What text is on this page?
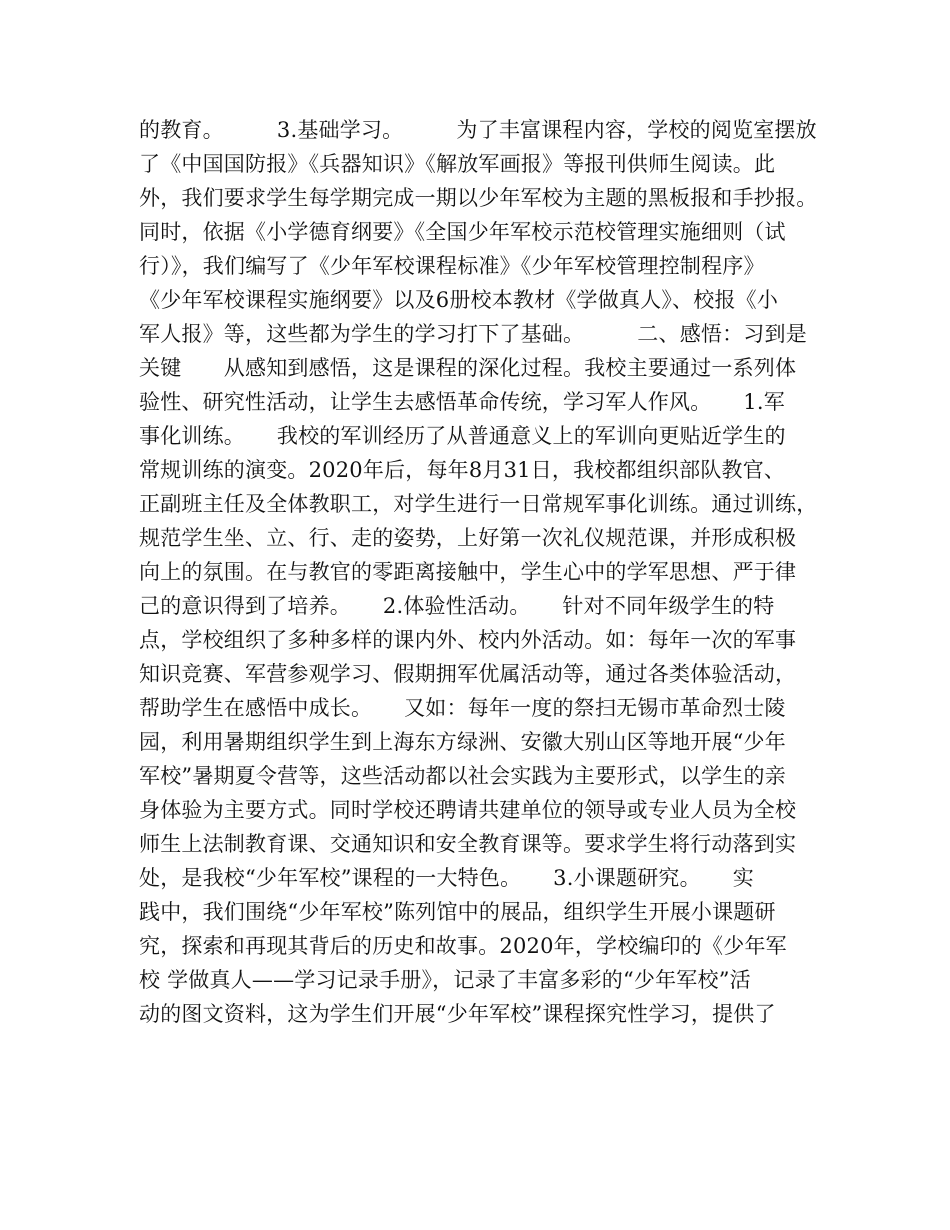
的教育。　　　3.基础学习。　　　为了丰富课程内容，学校的阅览室摆放
了《中国国防报》《兵器知识》《解放军画报》等报刊供师生阅读。此
外，我们要求学生每学期完成一期以少年军校为主题的黑板报和手抄报。
同时，依据《小学德育纲要》《全国少年军校示范校管理实施细则（试
行）》，我们编写了《少年军校课程标准》《少年军校管理控制程序》
《少年军校课程实施纲要》以及6册校本教材《学做真人》、校报《小
军人报》等，这些都为学生的学习打下了基础。　　　二、感悟：习到是
关键　　从感知到感悟，这是课程的深化过程。我校主要通过一系列体
验性、研究性活动，让学生去感悟革命传统，学习军人作风。　　1.军
事化训练。　　我校的军训经历了从普通意义上的军训向更贴近学生的
常规训练的演变。2020年后，每年8月31日，我校都组织部队教官、
正副班主任及全体教职工，对学生进行一日常规军事化训练。通过训练，
规范学生坐、立、行、走的姿势，上好第一次礼仪规范课，并形成积极
向上的氛围。在与教官的零距离接触中，学生心中的学军思想、严于律
己的意识得到了培养。　　2.体验性活动。　　针对不同年级学生的特
点，学校组织了多种多样的课内外、校内外活动。如：每年一次的军事
知识竞赛、军营参观学习、假期拥军优属活动等，通过各类体验活动，
帮助学生在感悟中成长。　　又如：每年一度的祭扫无锡市革命烈士陵
园，利用暑期组织学生到上海东方绿洲、安徽大别山区等地开展“少年
军校”暑期夏令营等，这些活动都以社会实践为主要形式，以学生的亲
身体验为主要方式。同时学校还聘请共建单位的领导或专业人员为全校
师生上法制教育课、交通知识和安全教育课等。要求学生将行动落到实
处，是我校“少年军校”课程的一大特色。　　3.小课题研究。　　实
践中，我们围绕“少年军校”陈列馆中的展品，组织学生开展小课题研
究，探索和再现其背后的历史和故事。2020年，学校编印的《少年军
校 学做真人——学习记录手册》，记录了丰富多彩的“少年军校”活
动的图文资料，这为学生们开展“少年军校”课程探究性学习，提供了
